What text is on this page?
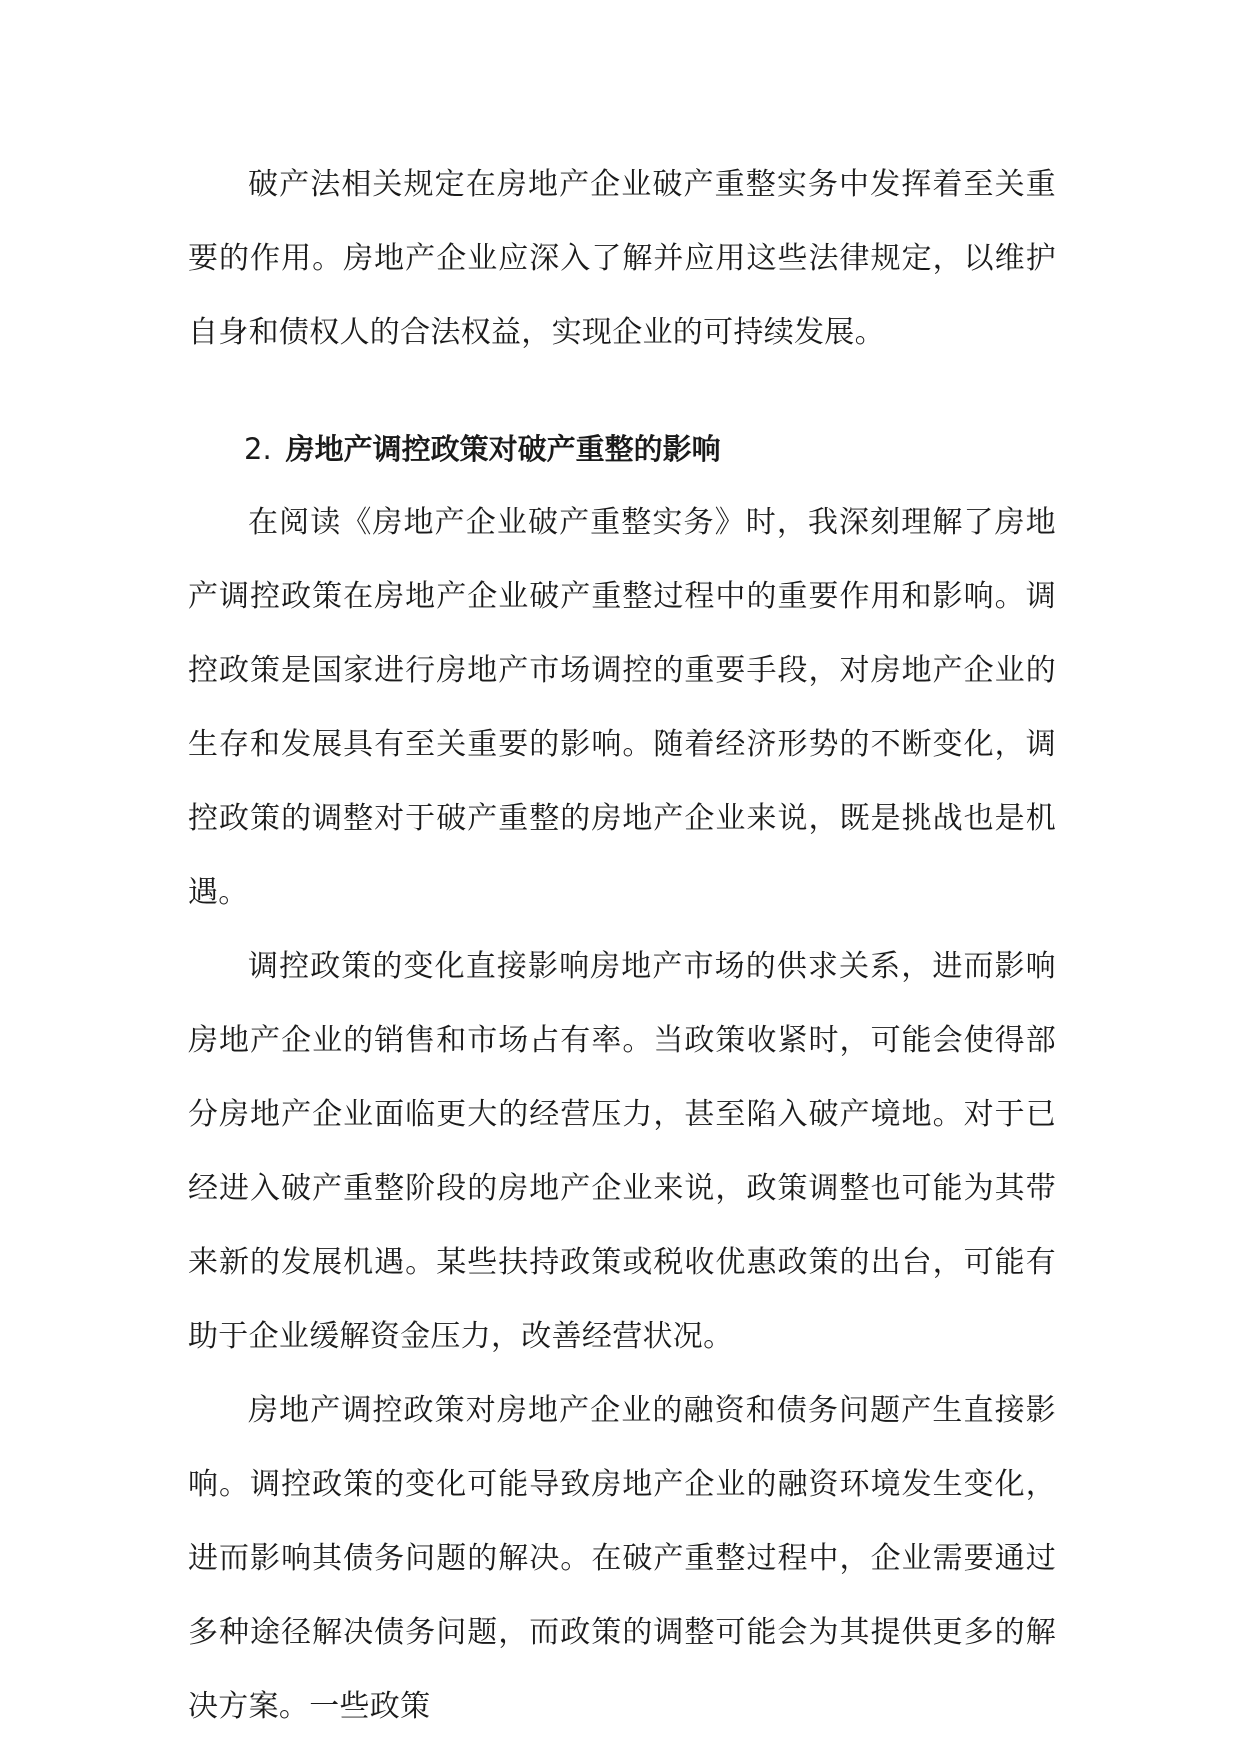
破产法相关规定在房地产企业破产重整实务中发挥着至关重要的作用。房地产企业应深入了解并应用这些法律规定，以维护自身和债权人的合法权益，实现企业的可持续发展。

2. 房地产调控政策对破产重整的影响

在阅读《房地产企业破产重整实务》时，我深刻理解了房地产调控政策在房地产企业破产重整过程中的重要作用和影响。调控政策是国家进行房地产市场调控的重要手段，对房地产企业的生存和发展具有至关重要的影响。随着经济形势的不断变化，调控政策的调整对于破产重整的房地产企业来说，既是挑战也是机遇。

调控政策的变化直接影响房地产市场的供求关系，进而影响房地产企业的销售和市场占有率。当政策收紧时，可能会使得部分房地产企业面临更大的经营压力，甚至陷入破产境地。对于已经进入破产重整阶段的房地产企业来说，政策调整也可能为其带来新的发展机遇。某些扶持政策或税收优惠政策的出台，可能有助于企业缓解资金压力，改善经营状况。

房地产调控政策对房地产企业的融资和债务问题产生直接影响。调控政策的变化可能导致房地产企业的融资环境发生变化，进而影响其债务问题的解决。在破产重整过程中，企业需要通过多种途径解决债务问题，而政策的调整可能会为其提供更多的解决方案。一些政策
